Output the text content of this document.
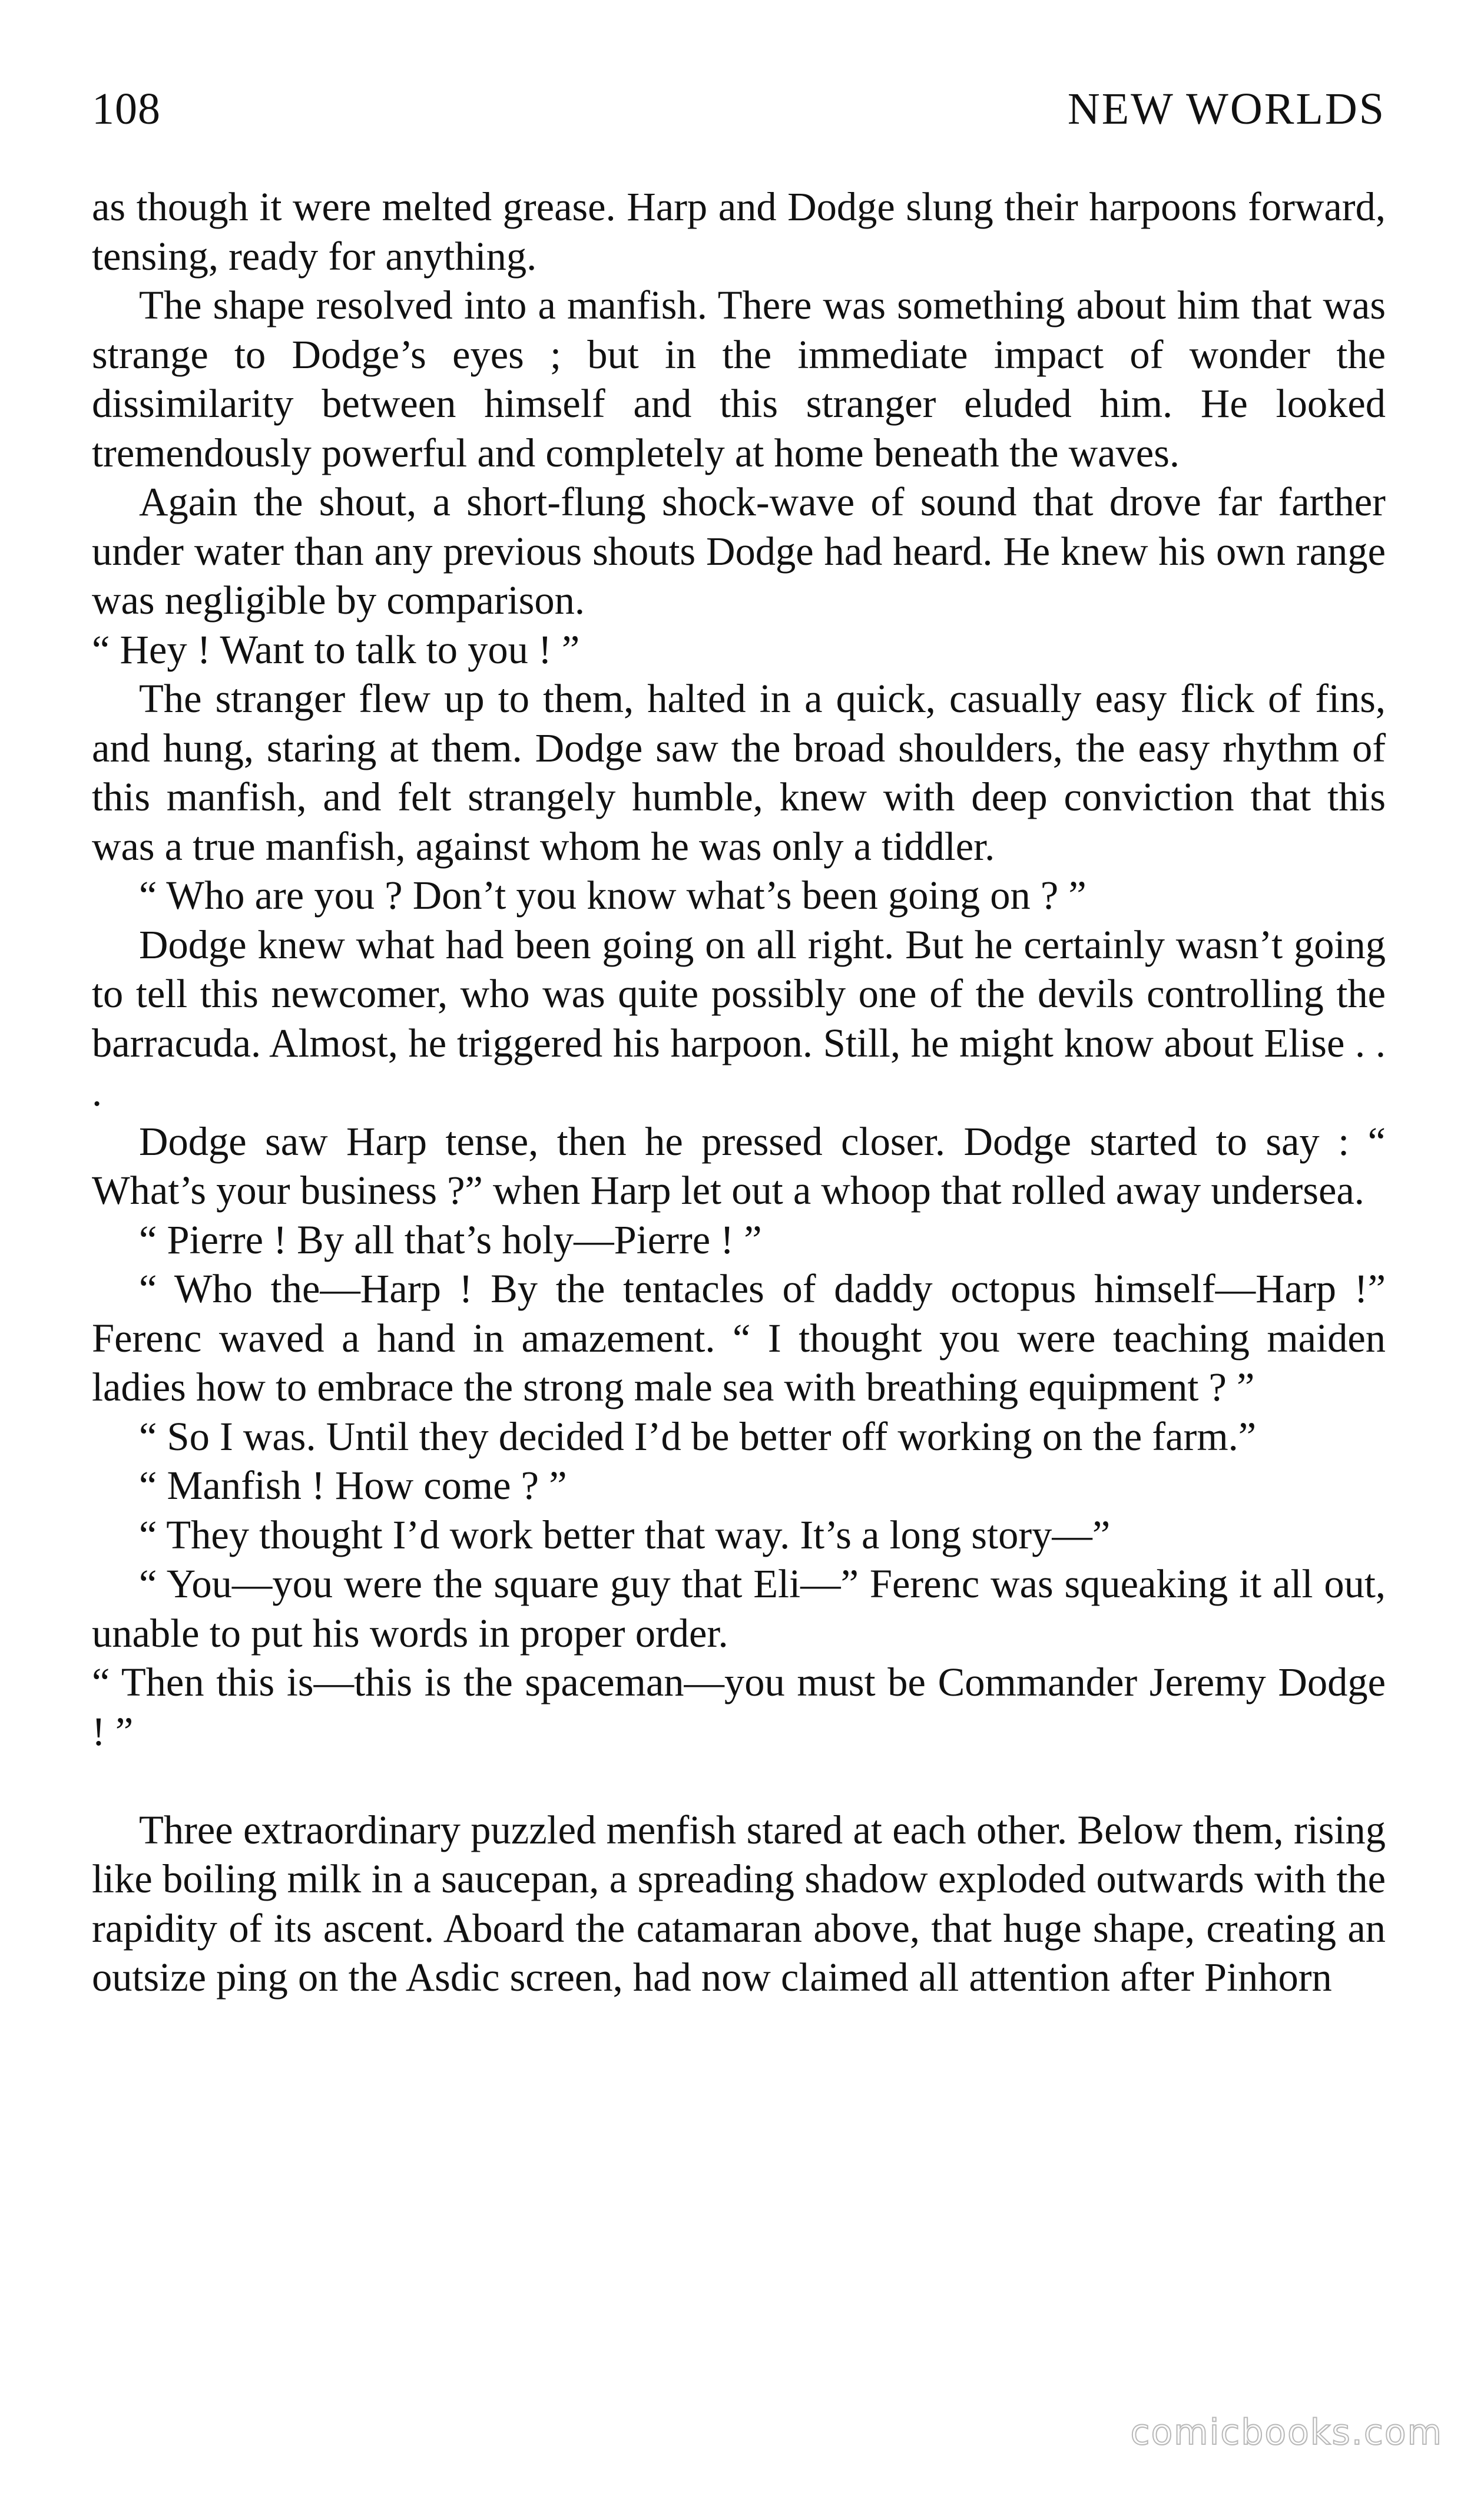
108	NEW WORLDS

as though it were melted grease. Harp and Dodge slung their harpoons forward, tensing, ready for anything.

The shape resolved into a manfish. There was something about him that was strange to Dodge’s eyes ; but in the immediate impact of wonder the dissimilarity between himself and this stranger eluded him. He looked tremendously powerful and completely at home beneath the waves.

Again the shout, a short-flung shock-wave of sound that drove far farther under water than any previous shouts Dodge had heard. He knew his own range was negligible by comparison.

“ Hey ! Want to talk to you ! ”

The stranger flew up to them, halted in a quick, casually easy flick of fins, and hung, staring at them. Dodge saw the broad shoulders, the easy rhythm of this manfish, and felt strangely humble, knew with deep conviction that this was a true manfish, against whom he was only a tiddler.

“ Who are you ? Don’t you know what’s been going on ? ”

Dodge knew what had been going on all right. But he certainly wasn’t going to tell this newcomer, who was quite possibly one of the devils controlling the barracuda. Almost, he triggered his harpoon. Still, he might know about Elise . . .

Dodge saw Harp tense, then he pressed closer. Dodge started to say : “ What’s your business ?” when Harp let out a whoop that rolled away undersea.

“ Pierre ! By all that’s holy—Pierre ! ”

“ Who the—Harp ! By the tentacles of daddy octopus himself—Harp !” Ferenc waved a hand in amazement. “ I thought you were teaching maiden ladies how to embrace the strong male sea with breathing equipment ? ”

“ So I was. Until they decided I’d be better off working on the farm.”

“ Manfish ! How come ? ”

“ They thought I’d work better that way. It’s a long story—”

“ You—you were the square guy that Eli—” Ferenc was squeaking it all out, unable to put his words in proper order.

“ Then this is—this is the spaceman—you must be Commander Jeremy Dodge ! ”

Three extraordinary puzzled menfish stared at each other. Below them, rising like boiling milk in a saucepan, a spreading shadow exploded outwards with the rapidity of its ascent. Aboard the catamaran above, that huge shape, creating an outsize ping on the Asdic screen, had now claimed all attention after Pinhorn

comicbooks.com
